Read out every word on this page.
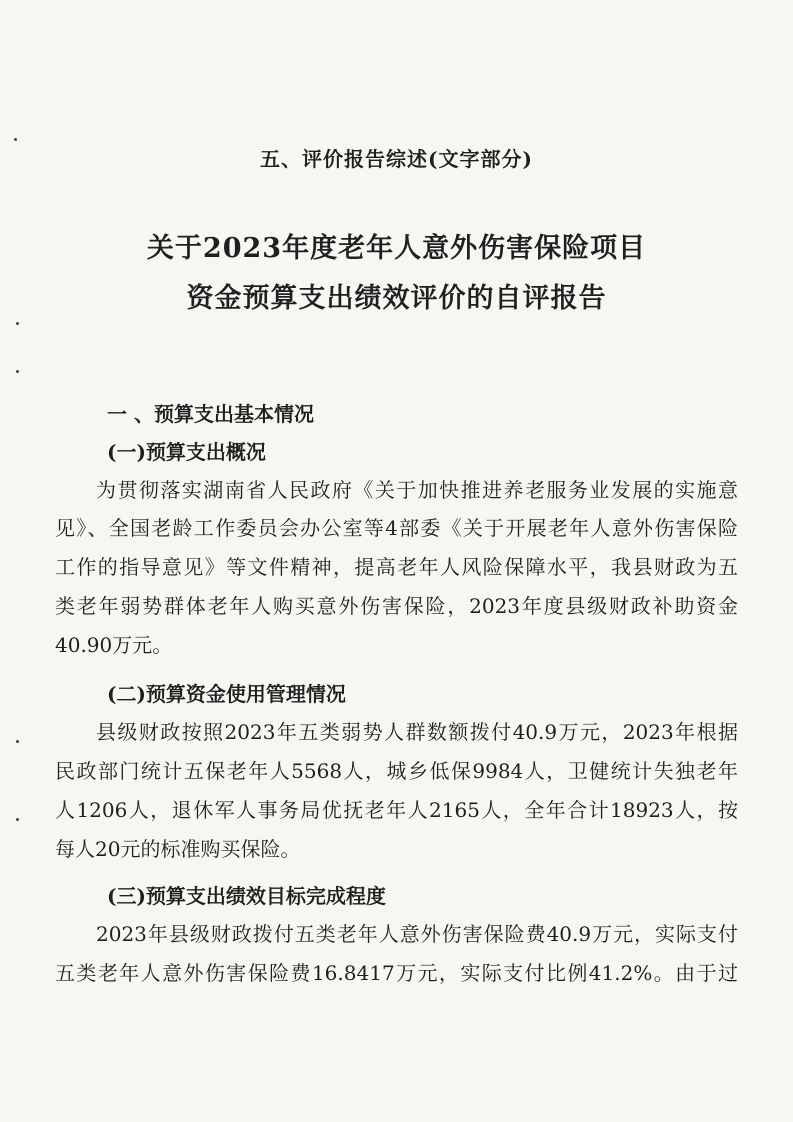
五、评价报告综述(文字部分)
关于2023年度老年人意外伤害保险项目
资金预算支出绩效评价的自评报告
一 、预算支出基本情况
(一)预算支出概况
为贯彻落实湖南省人民政府《关于加快推进养老服务业发展的实施意
见》、全国老龄工作委员会办公室等4部委《关于开展老年人意外伤害保险
工作的指导意见》等文件精神，提高老年人风险保障水平，我县财政为五
类老年弱势群体老年人购买意外伤害保险，2023年度县级财政补助资金
40.90万元。
(二)预算资金使用管理情况
县级财政按照2023年五类弱势人群数额拨付40.9万元，2023年根据
民政部门统计五保老年人5568人，城乡低保9984人，卫健统计失独老年
人1206人，退休军人事务局优抚老年人2165人，全年合计18923人，按
每人20元的标准购买保险。
(三)预算支出绩效目标完成程度
2023年县级财政拨付五类老年人意外伤害保险费40.9万元，实际支付
五类老年人意外伤害保险费16.8417万元，实际支付比例41.2%。由于过
